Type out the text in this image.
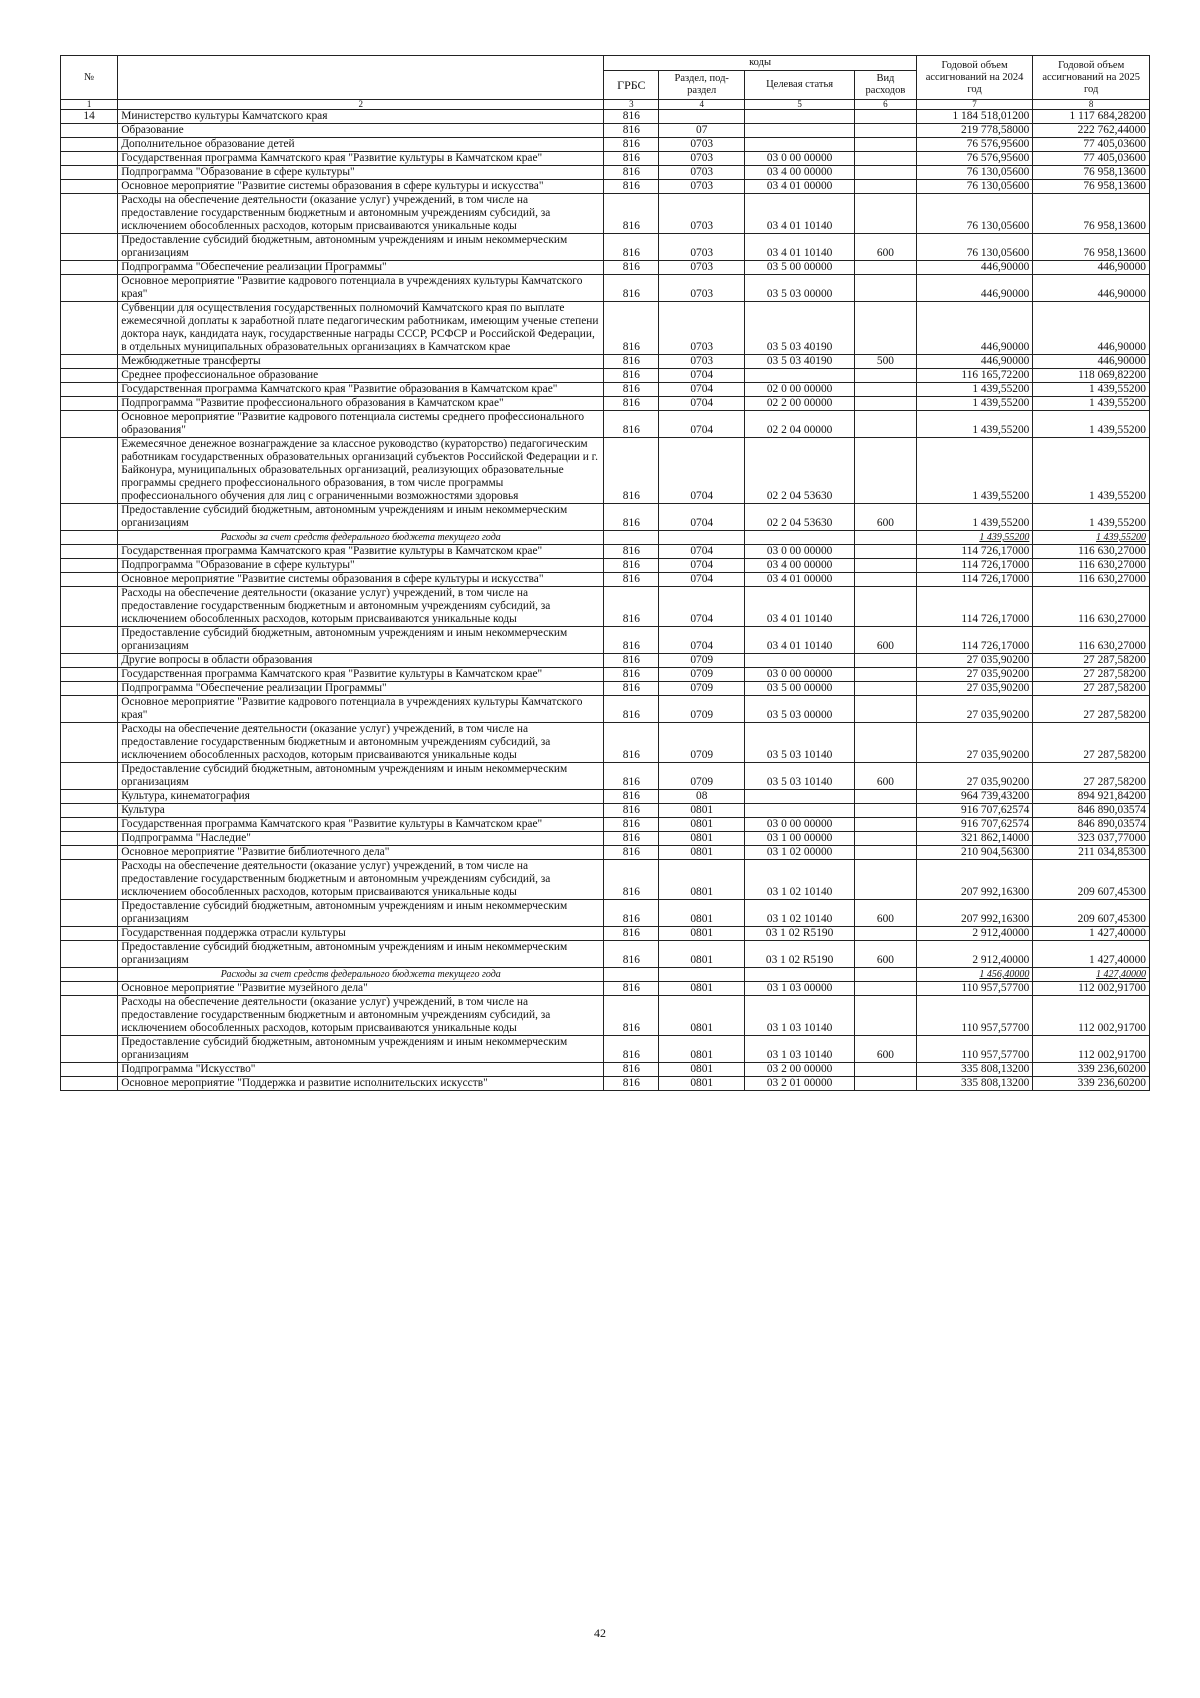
№		коды				Годовой объем ассигнований на 2024 год	Годовой объем ассигнований на 2025 год
		ГРБС	Раздел, под-раздел	Целевая статья	Вид расходов		
1	2	3	4	5	6	7	8
14	Министерство культуры Камчатского края	816				1 184 518,01200	1 117 684,28200
	Образование	816	07			219 778,58000	222 762,44000
	Дополнительное образование детей	816	0703			76 576,95600	77 405,03600
	Государственная программа Камчатского края "Развитие культуры в Камчатском крае"	816	0703	03 0 00 00000		76 576,95600	77 405,03600
	Подпрограмма "Образование в сфере культуры"	816	0703	03 4 00 00000		76 130,05600	76 958,13600
	Основное мероприятие "Развитие системы образования в сфере культуры и искусства"	816	0703	03 4 01 00000		76 130,05600	76 958,13600
	Расходы на обеспечение деятельности (оказание услуг) учреждений, в том числе на предоставление государственным бюджетным и автономным учреждениям субсидий, за исключением обособленных расходов, которым присваиваются уникальные коды	816	0703	03 4 01 10140		76 130,05600	76 958,13600
	Предоставление субсидий бюджетным, автономным учреждениям и иным некоммерческим организациям	816	0703	03 4 01 10140	600	76 130,05600	76 958,13600
	Подпрограмма "Обеспечение реализации Программы"	816	0703	03 5 00 00000		446,90000	446,90000
	Основное мероприятие "Развитие кадрового потенциала в учреждениях культуры Камчатского края"	816	0703	03 5 03 00000		446,90000	446,90000
	Субвенции для осуществления государственных полномочий Камчатского края по выплате ежемесячной доплаты к заработной плате педагогическим работникам, имеющим ученые степени доктора наук, кандидата наук, государственные награды СССР, РСФСР и Российской Федерации, в отдельных муниципальных образовательных организациях в Камчатском крае	816	0703	03 5 03 40190		446,90000	446,90000
	Межбюджетные трансферты	816	0703	03 5 03 40190	500	446,90000	446,90000
	Среднее профессиональное образование	816	0704			116 165,72200	118 069,82200
	Государственная программа Камчатского края "Развитие образования в Камчатском крае"	816	0704	02 0 00 00000		1 439,55200	1 439,55200
	Подпрограмма "Развитие профессионального образования в Камчатском крае"	816	0704	02 2 00 00000		1 439,55200	1 439,55200
	Основное мероприятие "Развитие кадрового потенциала системы среднего профессионального образования"	816	0704	02 2 04 00000		1 439,55200	1 439,55200
	Ежемесячное денежное вознаграждение за классное руководство (кураторство) педагогическим работникам государственных образовательных организаций субъектов Российской Федерации и г. Байконура, муниципальных образовательных организаций, реализующих образовательные программы среднего профессионального образования, в том числе программы профессионального обучения для лиц с ограниченными возможностями здоровья	816	0704	02 2 04 53630		1 439,55200	1 439,55200
	Предоставление субсидий бюджетным, автономным учреждениям и иным некоммерческим организациям	816	0704	02 2 04 53630	600	1 439,55200	1 439,55200
	Расходы за счет средств федерального бюджета текущего года					1 439,55200	1 439,55200
	Государственная программа Камчатского края "Развитие культуры в Камчатском крае"	816	0704	03 0 00 00000		114 726,17000	116 630,27000
	Подпрограмма "Образование в сфере культуры"	816	0704	03 4 00 00000		114 726,17000	116 630,27000
	Основное мероприятие "Развитие системы образования в сфере культуры и искусства"	816	0704	03 4 01 00000		114 726,17000	116 630,27000
	Расходы на обеспечение деятельности (оказание услуг) учреждений, в том числе на предоставление государственным бюджетным и автономным учреждениям субсидий, за исключением обособленных расходов, которым присваиваются уникальные коды	816	0704	03 4 01 10140		114 726,17000	116 630,27000
	Предоставление субсидий бюджетным, автономным учреждениям и иным некоммерческим организациям	816	0704	03 4 01 10140	600	114 726,17000	116 630,27000
	Другие вопросы в области образования	816	0709			27 035,90200	27 287,58200
	Государственная программа Камчатского края "Развитие культуры в Камчатском крае"	816	0709	03 0 00 00000		27 035,90200	27 287,58200
	Подпрограмма "Обеспечение реализации Программы"	816	0709	03 5 00 00000		27 035,90200	27 287,58200
	Основное мероприятие "Развитие кадрового потенциала в учреждениях культуры Камчатского края"	816	0709	03 5 03 00000		27 035,90200	27 287,58200
	Расходы на обеспечение деятельности (оказание услуг) учреждений, в том числе на предоставление государственным бюджетным и автономным учреждениям субсидий, за исключением обособленных расходов, которым присваиваются уникальные коды	816	0709	03 5 03 10140		27 035,90200	27 287,58200
	Предоставление субсидий бюджетным, автономным учреждениям и иным некоммерческим организациям	816	0709	03 5 03 10140	600	27 035,90200	27 287,58200
	Культура, кинематография	816	08			964 739,43200	894 921,84200
	Культура	816	0801			916 707,62574	846 890,03574
	Государственная программа Камчатского края "Развитие культуры в Камчатском крае"	816	0801	03 0 00 00000		916 707,62574	846 890,03574
	Подпрограмма "Наследие"	816	0801	03 1 00 00000		321 862,14000	323 037,77000
	Основное мероприятие "Развитие библиотечного дела"	816	0801	03 1 02 00000		210 904,56300	211 034,85300
	Расходы на обеспечение деятельности (оказание услуг) учреждений, в том числе на предоставление государственным бюджетным и автономным учреждениям субсидий, за исключением обособленных расходов, которым присваиваются уникальные коды	816	0801	03 1 02 10140		207 992,16300	209 607,45300
	Предоставление субсидий бюджетным, автономным учреждениям и иным некоммерческим организациям	816	0801	03 1 02 10140	600	207 992,16300	209 607,45300
	Государственная поддержка отрасли культуры	816	0801	03 1 02 R5190		2 912,40000	1 427,40000
	Предоставление субсидий бюджетным, автономным учреждениям и иным некоммерческим организациям	816	0801	03 1 02 R5190	600	2 912,40000	1 427,40000
	Расходы за счет средств федерального бюджета текущего года					1 456,40000	1 427,40000
	Основное мероприятие "Развитие музейного дела"	816	0801	03 1 03 00000		110 957,57700	112 002,91700
	Расходы на обеспечение деятельности (оказание услуг) учреждений, в том числе на предоставление государственным бюджетным и автономным учреждениям субсидий, за исключением обособленных расходов, которым присваиваются уникальные коды	816	0801	03 1 03 10140		110 957,57700	112 002,91700
	Предоставление субсидий бюджетным, автономным учреждениям и иным некоммерческим организациям	816	0801	03 1 03 10140	600	110 957,57700	112 002,91700
	Подпрограмма "Искусство"	816	0801	03 2 00 00000		335 808,13200	339 236,60200
	Основное мероприятие "Поддержка и развитие исполнительских искусств"	816	0801	03 2 01 00000		335 808,13200	339 236,60200
42
